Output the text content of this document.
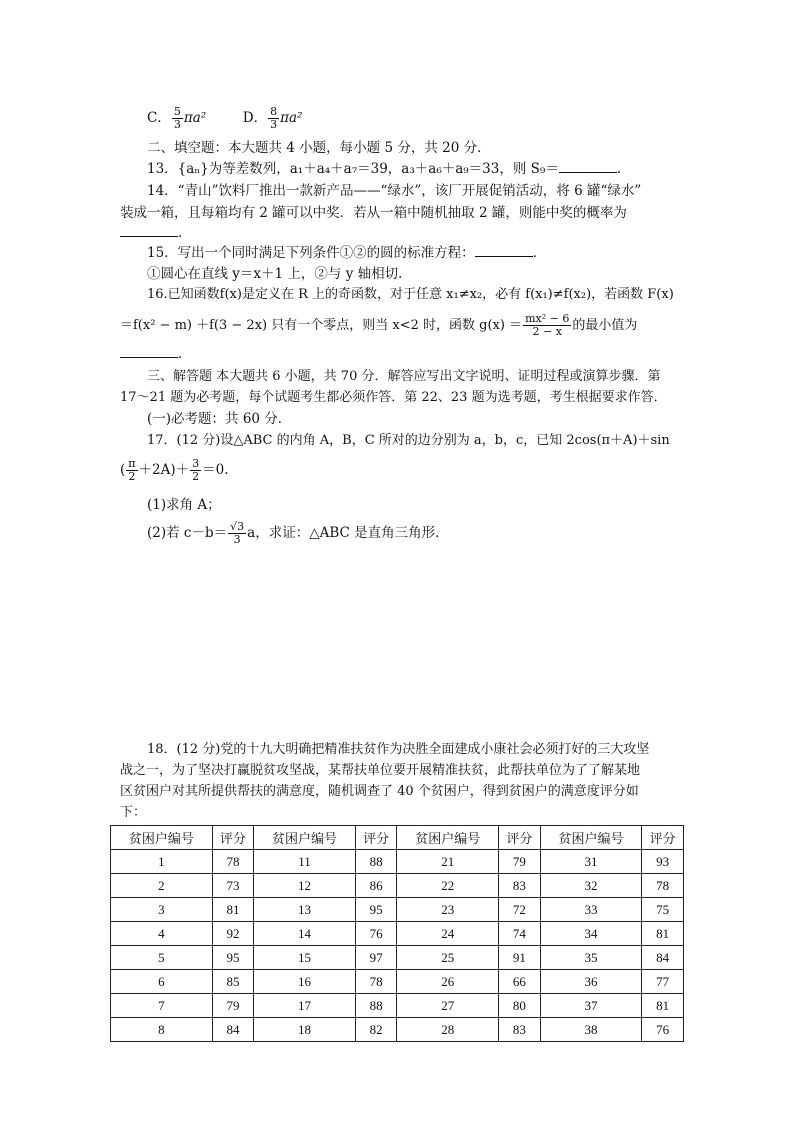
C． $\frac{5}{3} \pi a^2$	D． $\frac{8}{3} \pi a^2$
二、填空题：本大题共 4 小题，每小题 5 分，共 20 分．
13．{aₙ}为等差数列，a₁＋a₄＋a₇＝39，a₃＋a₆＋a₉＝33，则 S₉＝	．
14．“青山”饮料厂推出一款新产品——“绿水”，该厂开展促销活动，将 6 罐“绿水”
装成一箱，且每箱均有 2 罐可以中奖．若从一箱中随机抽取 2 罐，则能中奖的概率为
．
15．写出一个同时满足下列条件①②的圆的标准方程：	．
①圆心在直线 y＝x＋1 上，②与 y 轴相切．
16.已知函数f(x)是定义在 R 上的奇函数，对于任意 x₁≠x₂，必有 f(x₁)≠f(x₂)，若函数 F(x)
＝f(x² − m) ＋f(3 − 2x) 只有一个零点，则当 x<2 时，函数 $g(x) = \frac{\text{mx² − 6}}{2 - x}$ 的最小值为
．
三、解答题 本大题共 6 小题，共 70 分．解答应写出文字说明、证明过程或演算步骤．第
17～21 题为必考题，每个试题考生都必须作答．第 22、23 题为选考题，考生根据要求作答．
(一)必考题：共 60 分．
17．(12 分)设△ABC 的内角 A，B，C 所对的边分别为 a，b，c，已知 2cos(π＋A)＋sin
( $\frac{\pi}{2} +2A)+ \frac{3}{2} =0$.
(1)求角 A；
(2)若 $c-b= \frac{√3}{3}$ a，求证：△ABC 是直角三角形．
18．(12 分)党的十九大明确把精准扶贫作为决胜全面建成小康社会必须打好的三大攻坚
战之一，为了坚决打赢脱贫攻坚战，某帮扶单位要开展精准扶贫，此帮扶单位为了了解某地
区贫困户对其所提供帮扶的满意度，随机调查了 40 个贫困户，得到贫困户的满意度评分如
下：
贫困户编号	评分	贫困户编号	评分	贫困户编号	评分	贫困户编号	评分
1	78	11	88	21	79	31	93
2	73	12	86	22	83	32	78
3	81	13	95	23	72	33	75
4	92	14	76	24	74	34	81
5	95	15	97	25	91	35	84
6	85	16	78	26	66	36	77
7	79	17	88	27	80	37	81
8	84	18	82	28	83	38	76
